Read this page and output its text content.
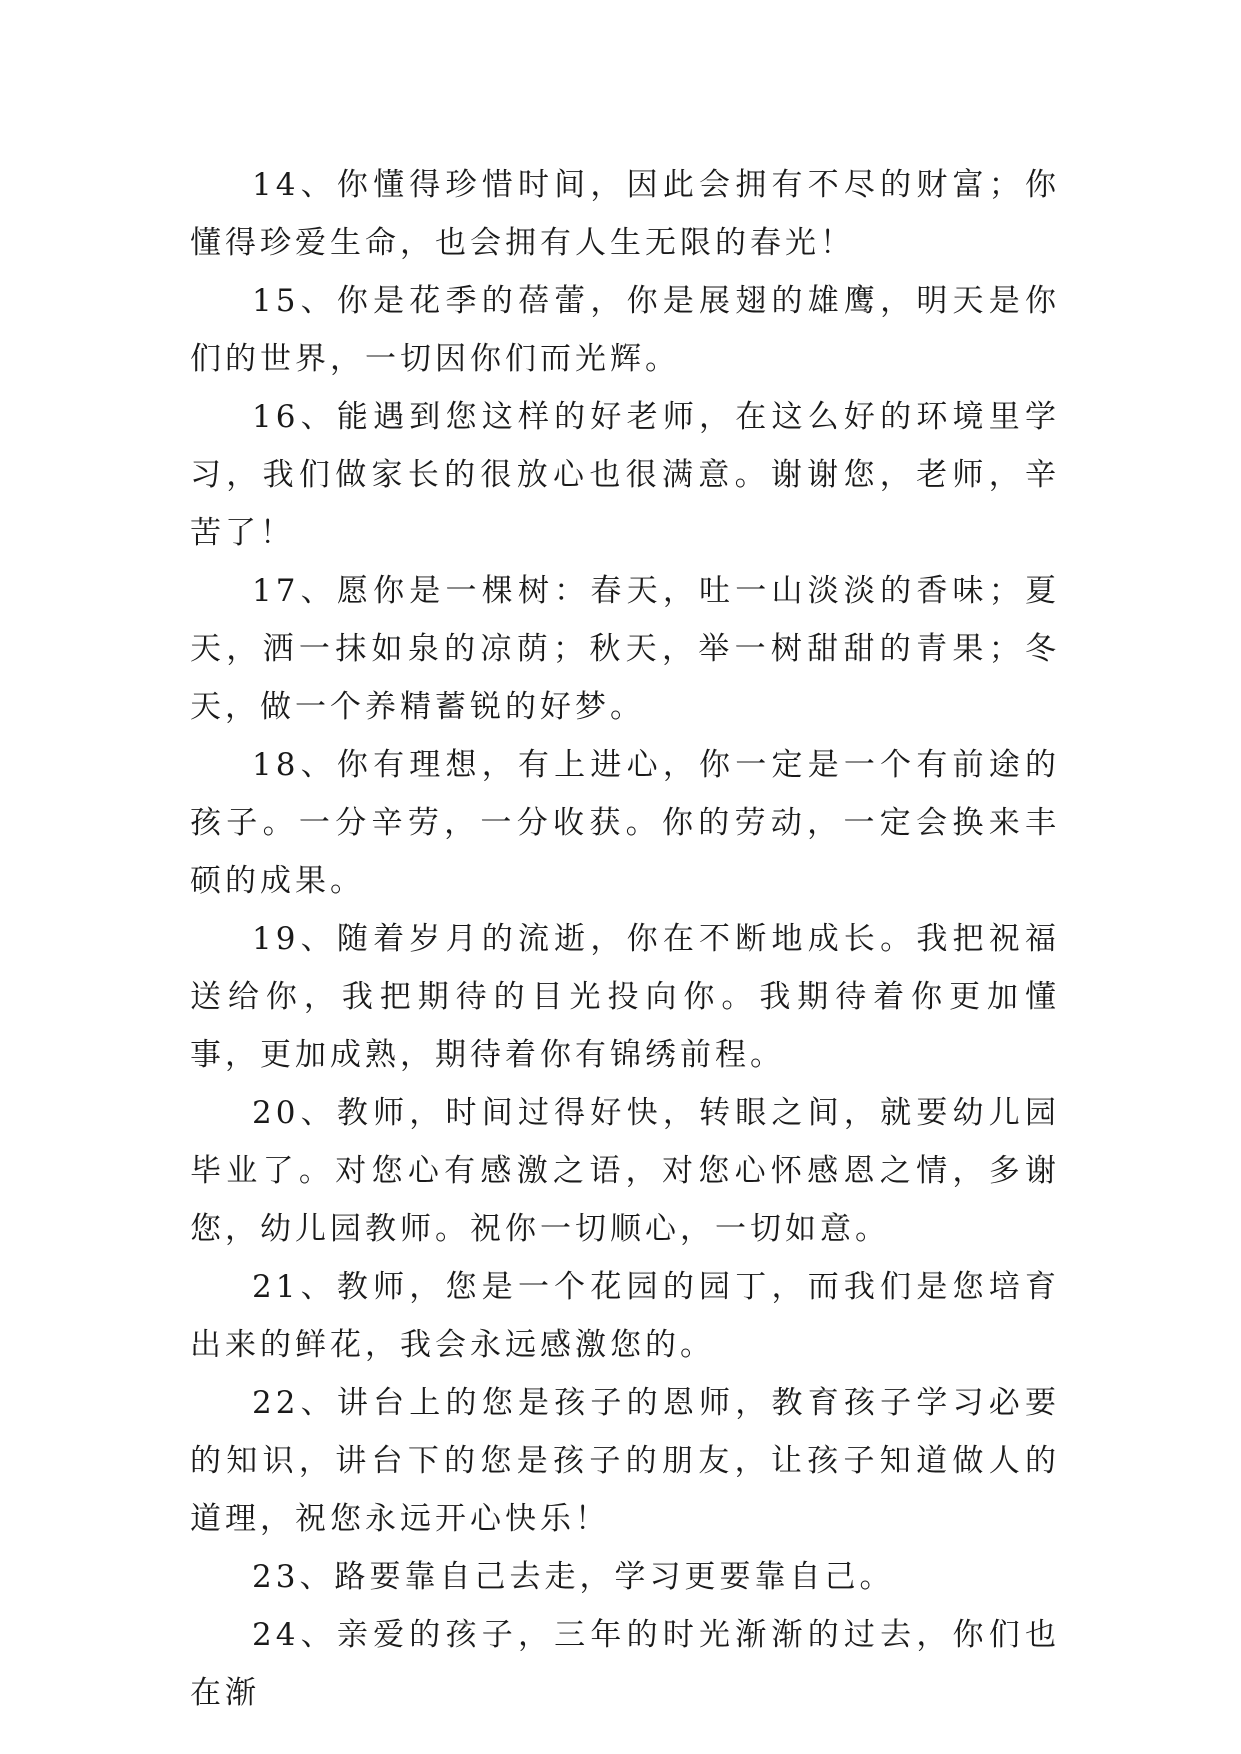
14、你懂得珍惜时间，因此会拥有不尽的财富；你懂得珍爱生命，也会拥有人生无限的春光！

15、你是花季的蓓蕾，你是展翅的雄鹰，明天是你们的世界，一切因你们而光辉。

16、能遇到您这样的好老师，在这么好的环境里学习，我们做家长的很放心也很满意。谢谢您，老师，辛苦了！

17、愿你是一棵树：春天，吐一山淡淡的香味；夏天，洒一抹如泉的凉荫；秋天，举一树甜甜的青果；冬天，做一个养精蓄锐的好梦。

18、你有理想，有上进心，你一定是一个有前途的孩子。一分辛劳，一分收获。你的劳动，一定会换来丰硕的成果。

19、随着岁月的流逝，你在不断地成长。我把祝福送给你，我把期待的目光投向你。我期待着你更加懂事，更加成熟，期待着你有锦绣前程。

20、教师，时间过得好快，转眼之间，就要幼儿园毕业了。对您心有感激之语，对您心怀感恩之情，多谢您，幼儿园教师。祝你一切顺心，一切如意。

21、教师，您是一个花园的园丁，而我们是您培育出来的鲜花，我会永远感激您的。

22、讲台上的您是孩子的恩师，教育孩子学习必要的知识，讲台下的您是孩子的朋友，让孩子知道做人的道理，祝您永远开心快乐！

23、路要靠自己去走，学习更要靠自己。

24、亲爱的孩子，三年的时光渐渐的过去，你们也在渐
